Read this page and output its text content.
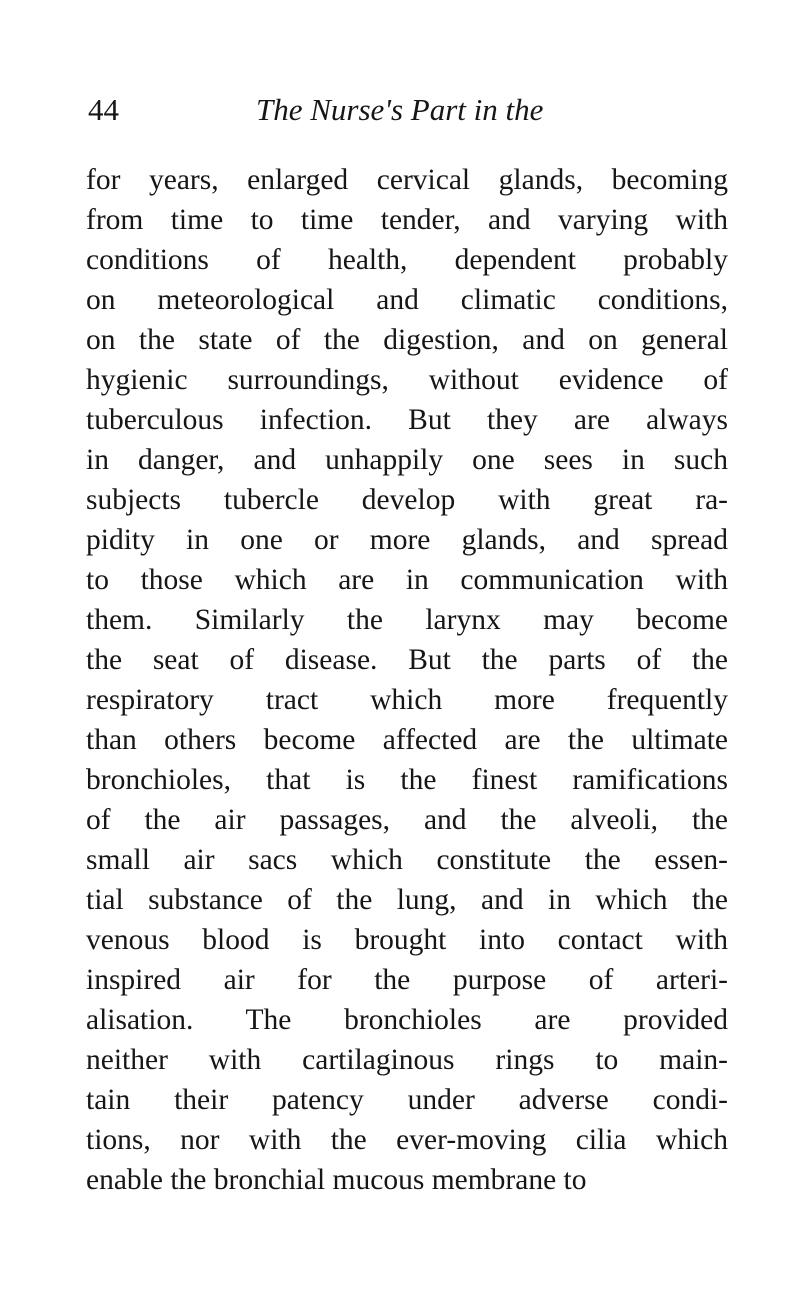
44	The Nurse's Part in the
for years, enlarged cervical glands, becoming
from time to time tender, and varying with
conditions of health, dependent probably
on meteorological and climatic conditions,
on the state of the digestion, and on general
hygienic surroundings, without evidence of
tuberculous infection. But they are always
in danger, and unhappily one sees in such
subjects tubercle develop with great ra-
pidity in one or more glands, and spread
to those which are in communication with
them. Similarly the larynx may become
the seat of disease. But the parts of the
respiratory tract which more frequently
than others become affected are the ultimate
bronchioles, that is the finest ramifications
of the air passages, and the alveoli, the
small air sacs which constitute the essen-
tial substance of the lung, and in which the
venous blood is brought into contact with
inspired air for the purpose of arteri-
alisation. The bronchioles are provided
neither with cartilaginous rings to main-
tain their patency under adverse condi-
tions, nor with the ever-moving cilia which
enable the bronchial mucous membrane to
